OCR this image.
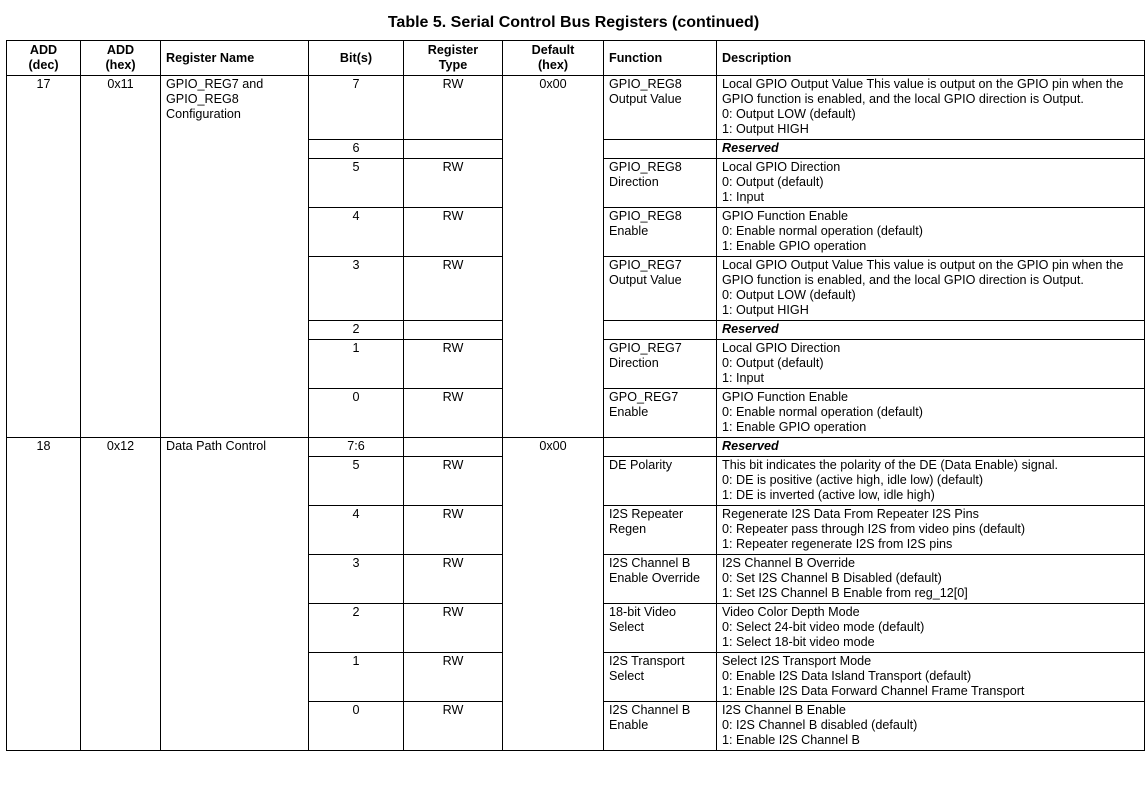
Table 5. Serial Control Bus Registers (continued)
ADD
(dec)	ADD
(hex)	Register Name	Bit(s)	Register
Type	Default
(hex)	Function	Description
17	0x11	GPIO_REG7 and
GPIO_REG8
Configuration	7	RW	0x00	GPIO_REG8
Output Value	Local GPIO Output Value This value is output on the GPIO pin when the GPIO function is enabled, and the local GPIO direction is Output.
0: Output LOW (default)
1: Output HIGH
			6				Reserved
			5	RW		GPIO_REG8
Direction	Local GPIO Direction
0: Output (default)
1: Input
			4	RW		GPIO_REG8
Enable	GPIO Function Enable
0: Enable normal operation (default)
1: Enable GPIO operation
			3	RW		GPIO_REG7
Output Value	Local GPIO Output Value This value is output on the GPIO pin when the GPIO function is enabled, and the local GPIO direction is Output.
0: Output LOW (default)
1: Output HIGH
			2				Reserved
			1	RW		GPIO_REG7
Direction	Local GPIO Direction
0: Output (default)
1: Input
			0	RW		GPO_REG7
Enable	GPIO Function Enable
0: Enable normal operation (default)
1: Enable GPIO operation
18	0x12	Data Path Control	7:6		0x00		Reserved
			5	RW		DE Polarity	This bit indicates the polarity of the DE (Data Enable) signal.
0: DE is positive (active high, idle low) (default)
1: DE is inverted (active low, idle high)
			4	RW		I2S Repeater
Regen	Regenerate I2S Data From Repeater I2S Pins
0: Repeater pass through I2S from video pins (default)
1: Repeater regenerate I2S from I2S pins
			3	RW		I2S Channel B
Enable Override	I2S Channel B Override
0: Set I2S Channel B Disabled (default)
1: Set I2S Channel B Enable from reg_12[0]
			2	RW		18-bit Video
Select	Video Color Depth Mode
0: Select 24-bit video mode (default)
1: Select 18-bit video mode
			1	RW		I2S Transport
Select	Select I2S Transport Mode
0: Enable I2S Data Island Transport (default)
1: Enable I2S Data Forward Channel Frame Transport
			0	RW		I2S Channel B
Enable	I2S Channel B Enable
0: I2S Channel B disabled (default)
1: Enable I2S Channel B
